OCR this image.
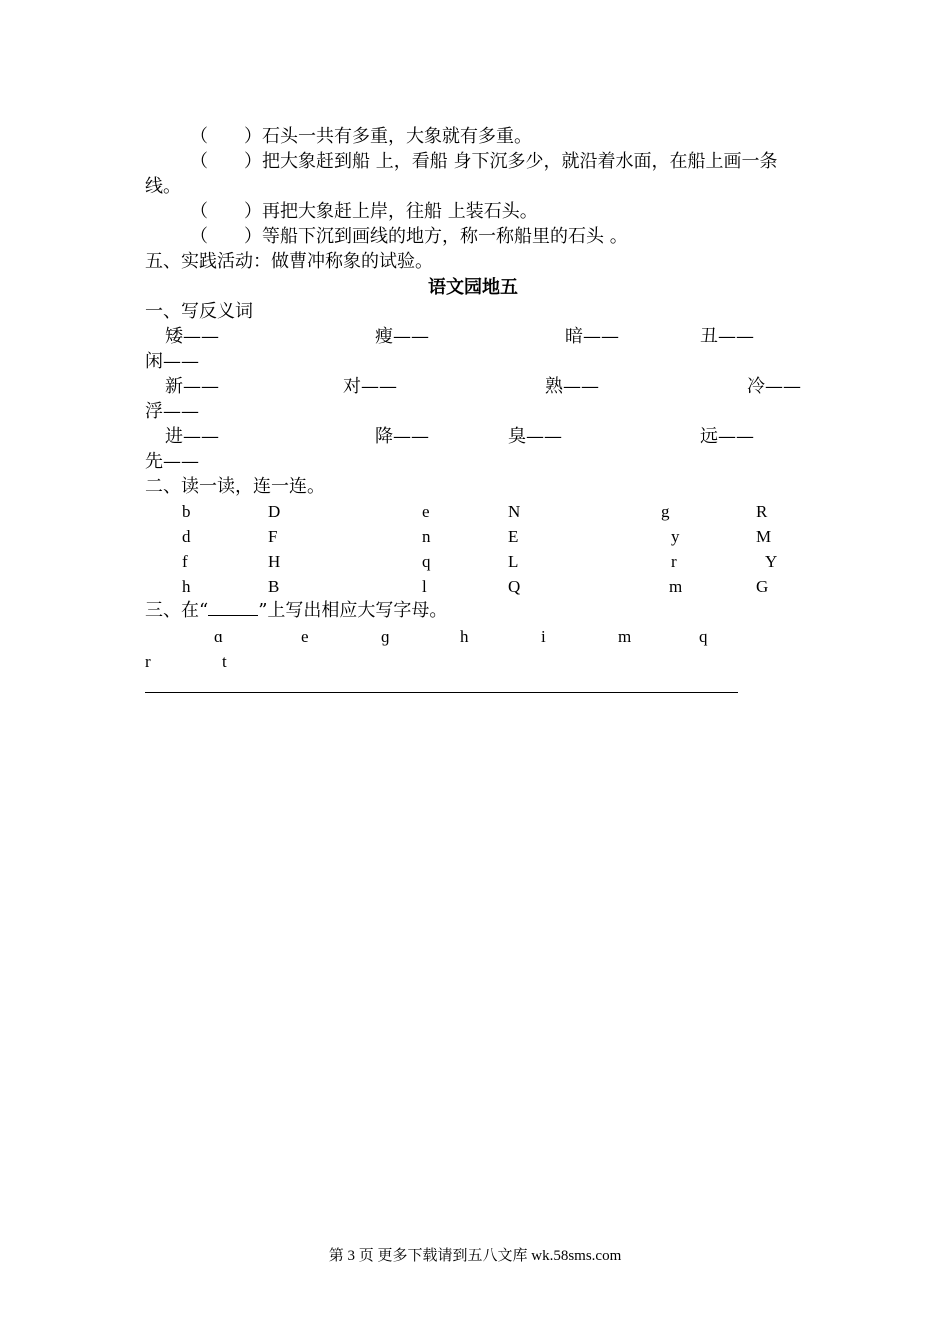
（　　）石头一共有多重，大象就有多重。
（　　）把大象赶到船 上，看船 身下沉多少，就沿着水面，在船上画一条
线。
（　　）再把大象赶上岸，往船 上装石头。
（　　）等船下沉到画线的地方，称一称船里的石头 。
五、实践活动：做曹冲称象的试验。
语文园地五
一、写反义词
矮——	瘦——	暗——	丑——
闲——
新——	对——	熟——	冷——
浮——
进——	降——	臭——	远——
先——
二、读一读，连一连。
b	D	e	N	g	R
d	F	n	E	y	M
f	H	q	L	r	Y
h	B	l	Q	m	G
三、在“	”上写出相应大写字母。
ɑ	e	ɡ	h	i	m	q
r	t
第 3 页 更多下载请到五八文库 wk.58sms.com
